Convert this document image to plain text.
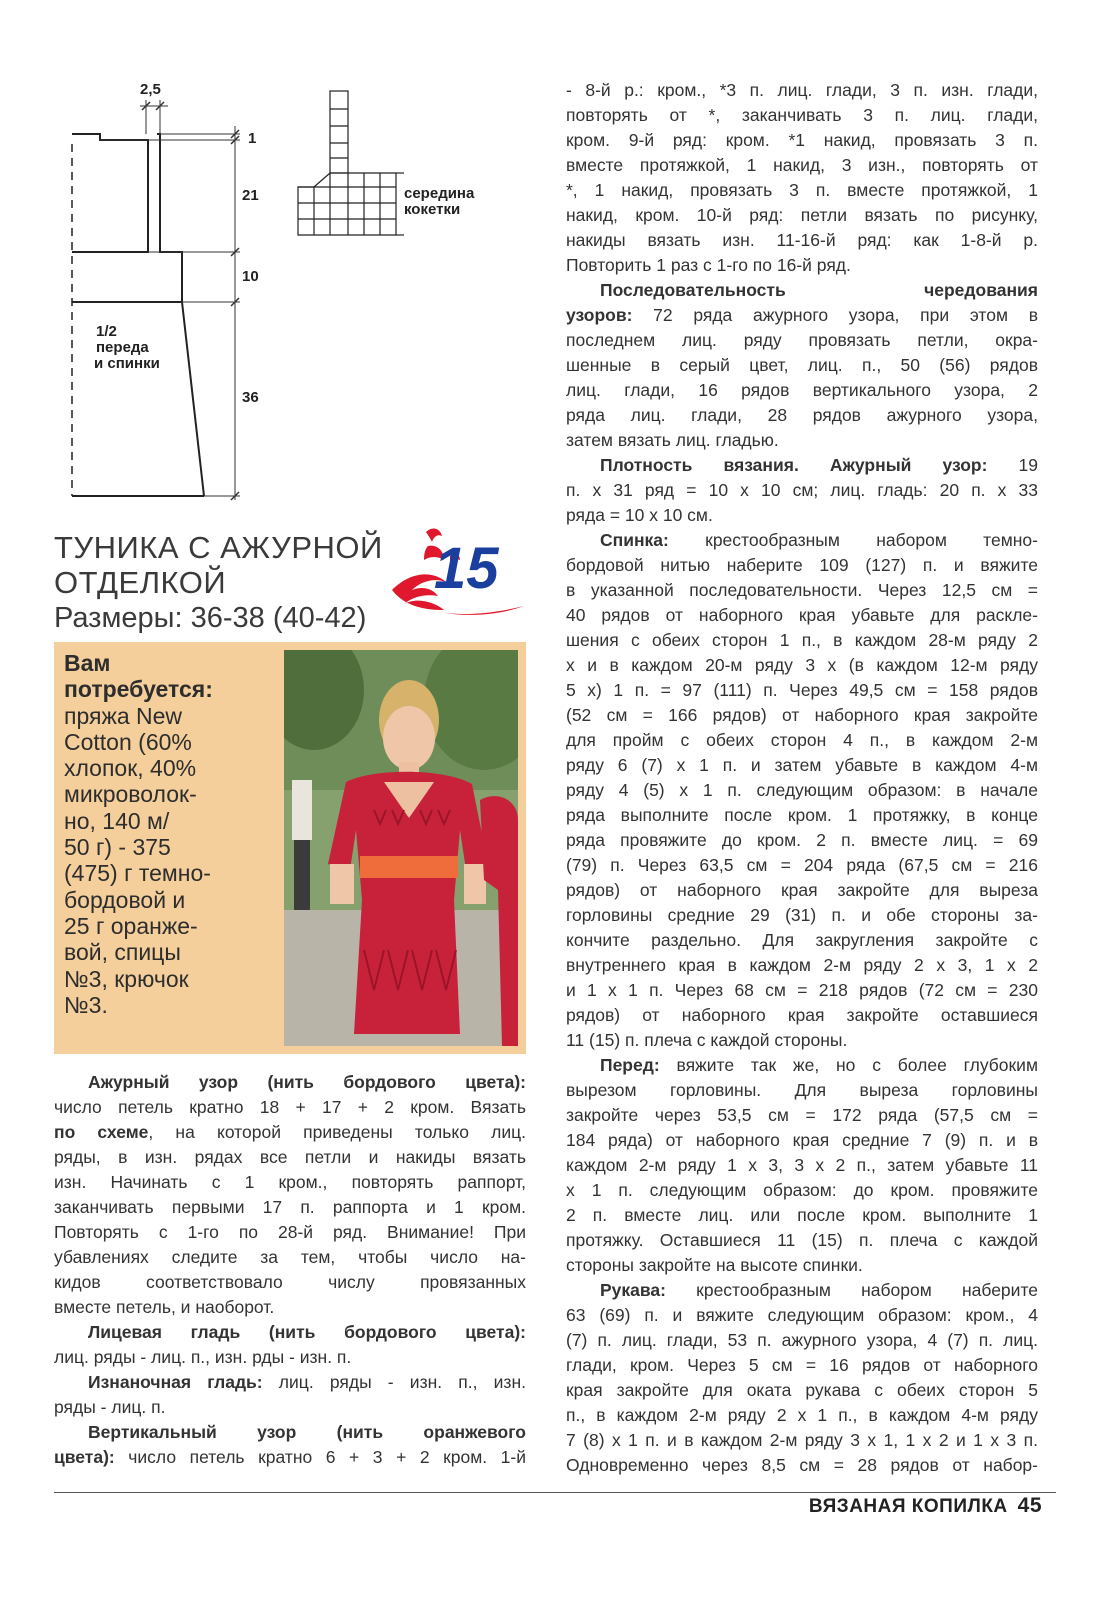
2,5
1
21
10
36
1/2
переда
и спинки
середина
кокетки
ТУНИКА С АЖУРНОЙ
ОТДЕЛКОЙ
Размеры: 36-38 (40-42)
15
Вам
потребуется:
пряжа New
Cotton (60%
хлопок, 40%
микроволок-
но, 140 м/
50 г) - 375
(475) г темно-
бордовой и
25 г оранже-
вой, спицы
№3, крючок
№3.

Ажурный узор (нить бордового цвета):

число петель кратно 18 + 17 + 2 кром. Вязать

по схеме, на которой приведены только лиц.

ряды, в изн. рядах все петли и накиды вязать

изн. Начинать с 1 кром., повторять раппорт,

заканчивать первыми 17 п. раппорта и 1 кром.

Повторять с 1-го по 28-й ряд. Внимание! При

убавлениях следите за тем, чтобы число на-

кидов соответствовало числу провязанных

вместе петель, и наоборот.

Лицевая гладь (нить бордового цвета):

лиц. ряды - лиц. п., изн. рды - изн. п.

Изнаночная гладь: лиц. ряды - изн. п., изн.

ряды - лиц. п.

Вертикальный узор (нить оранжевого

цвета): число петель кратно 6 + 3 + 2 кром. 1-й

- 8-й р.: кром., *3 п. лиц. глади, 3 п. изн. глади,

повторять от *, заканчивать 3 п. лиц. глади,

кром. 9-й ряд: кром. *1 накид, провязать 3 п.

вместе протяжкой, 1 накид, 3 изн., повторять от

*, 1 накид, провязать 3 п. вместе протяжкой, 1

накид, кром. 10-й ряд: петли вязать по рисунку,

накиды вязать изн. 11-16-й ряд: как 1-8-й р.

Повторить 1 раз с 1-го по 16-й ряд.

Последовательность чередования

узоров: 72 ряда ажурного узора, при этом в

последнем лиц. ряду провязать петли, окра-

шенные в серый цвет, лиц. п., 50 (56) рядов

лиц. глади, 16 рядов вертикального узора, 2

ряда лиц. глади, 28 рядов ажурного узора,

затем вязать лиц. гладью.

Плотность вязания. Ажурный узор: 19

п. х 31 ряд = 10 х 10 см; лиц. гладь: 20 п. х 33

ряда = 10 х 10 см.

Спинка: крестообразным набором темно-

бордовой нитью наберите 109 (127) п. и вяжите

в указанной последовательности. Через 12,5 см =

40 рядов от наборного края убавьте для раскле-

шения с обеих сторон 1 п., в каждом 28-м ряду 2

х и в каждом 20-м ряду 3 х (в каждом 12-м ряду

5 х) 1 п. = 97 (111) п. Через 49,5 см = 158 рядов

(52 см = 166 рядов) от наборного края закройте

для пройм с обеих сторон 4 п., в каждом 2-м

ряду 6 (7) х 1 п. и затем убавьте в каждом 4-м

ряду 4 (5) х 1 п. следующим образом: в начале

ряда выполните после кром. 1 протяжку, в конце

ряда провяжите до кром. 2 п. вместе лиц. = 69

(79) п. Через 63,5 см = 204 ряда (67,5 см = 216

рядов) от наборного края закройте для выреза

горловины средние 29 (31) п. и обе стороны за-

кончите раздельно. Для закругления закройте с

внутреннего края в каждом 2-м ряду 2 х 3, 1 х 2

и 1 х 1 п. Через 68 см = 218 рядов (72 см = 230

рядов) от наборного края закройте оставшиеся

11 (15) п. плеча с каждой стороны.

Перед: вяжите так же, но с более глубоким

вырезом горловины. Для выреза горловины

закройте через 53,5 см = 172 ряда (57,5 см =

184 ряда) от наборного края средние 7 (9) п. и в

каждом 2-м ряду 1 х 3, 3 х 2 п., затем убавьте 11

х 1 п. следующим образом: до кром. провяжите

2 п. вместе лиц. или после кром. выполните 1

протяжку. Оставшиеся 11 (15) п. плеча с каждой

стороны закройте на высоте спинки.

Рукава: крестообразным набором наберите

63 (69) п. и вяжите следующим образом: кром., 4

(7) п. лиц. глади, 53 п. ажурного узора, 4 (7) п. лиц.

глади, кром. Через 5 см = 16 рядов от наборного

края закройте для оката рукава с обеих сторон 5

п., в каждом 2-м ряду 2 х 1 п., в каждом 4-м ряду

7 (8) х 1 п. и в каждом 2-м ряду 3 х 1, 1 х 2 и 1 х 3 п.

Одновременно через 8,5 см = 28 рядов от набор-

ВЯЗАНАЯ КОПИЛКА 45
